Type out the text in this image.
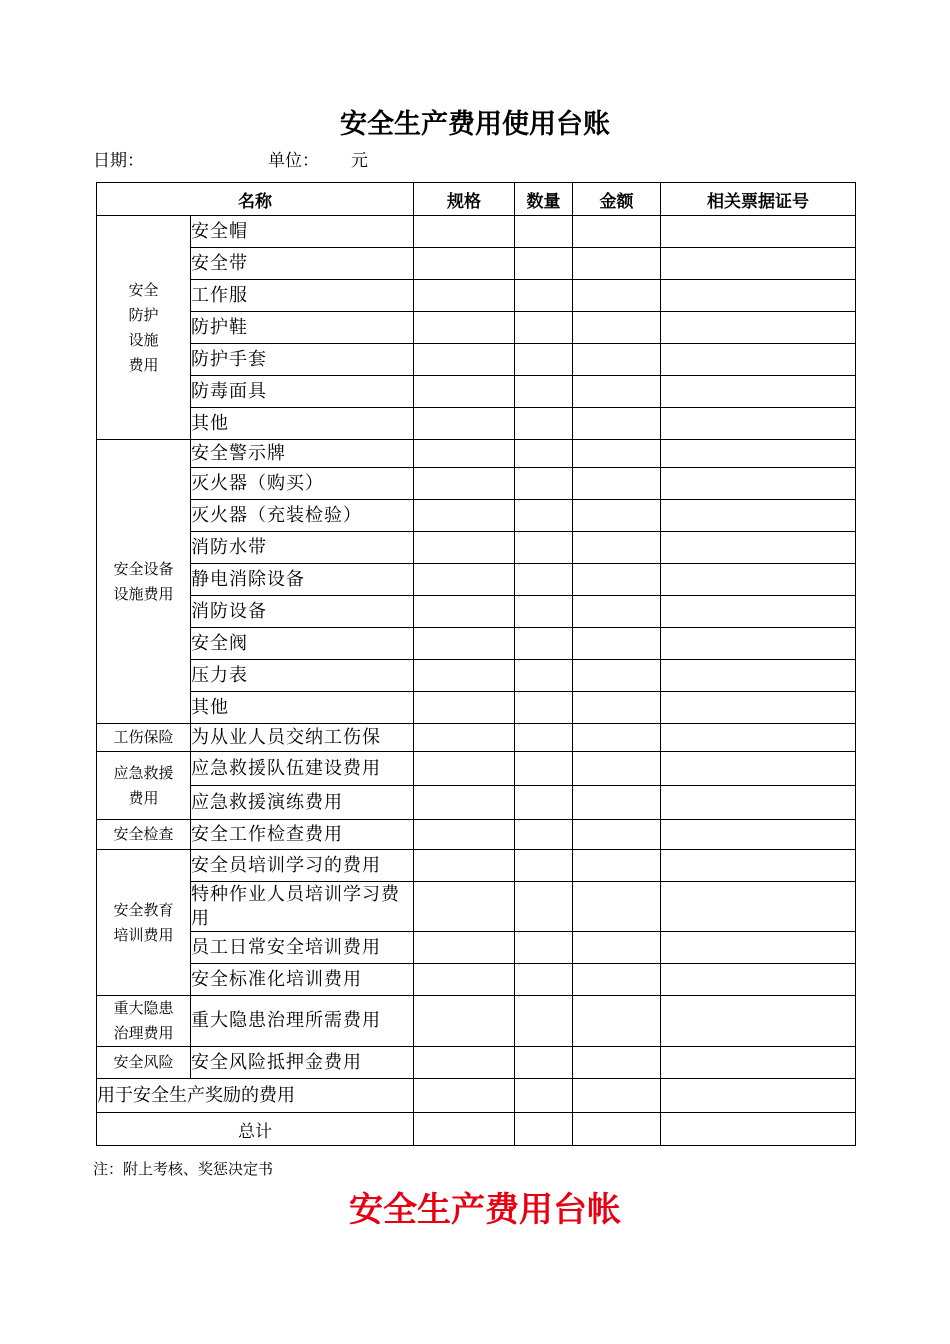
安全生产费用使用台账
日期：	单位： 元
名称		规格	数量	金额	相关票据证号

安全
防护
设施
费用	安全帽				
	安全带				
	工作服				
	防护鞋				
	防护手套				
	防毒面具				
	其他				

安全设备
设施费用	安全警示牌				
	灭火器（购买）				
	灭火器（充装检验）				
	消防水带				
	静电消除设备				
	消防设备				
	安全阀				
	压力表				
	其他				
工伤保险	为从业人员交纳工伤保				

应急救援
费用	应急救援队伍建设费用				
	应急救援演练费用				
安全检查	安全工作检查费用				

安全教育
培训费用	安全员培训学习的费用				
	特种作业人员培训学习费用				
	员工日常安全培训费用				
	安全标准化培训费用				

重大隐患
治理费用	重大隐患治理所需费用				
安全风险	安全风险抵押金费用				
用于安全生产奖励的费用					
总计					
注：附上考核、奖惩决定书
安全生产费用台帐
